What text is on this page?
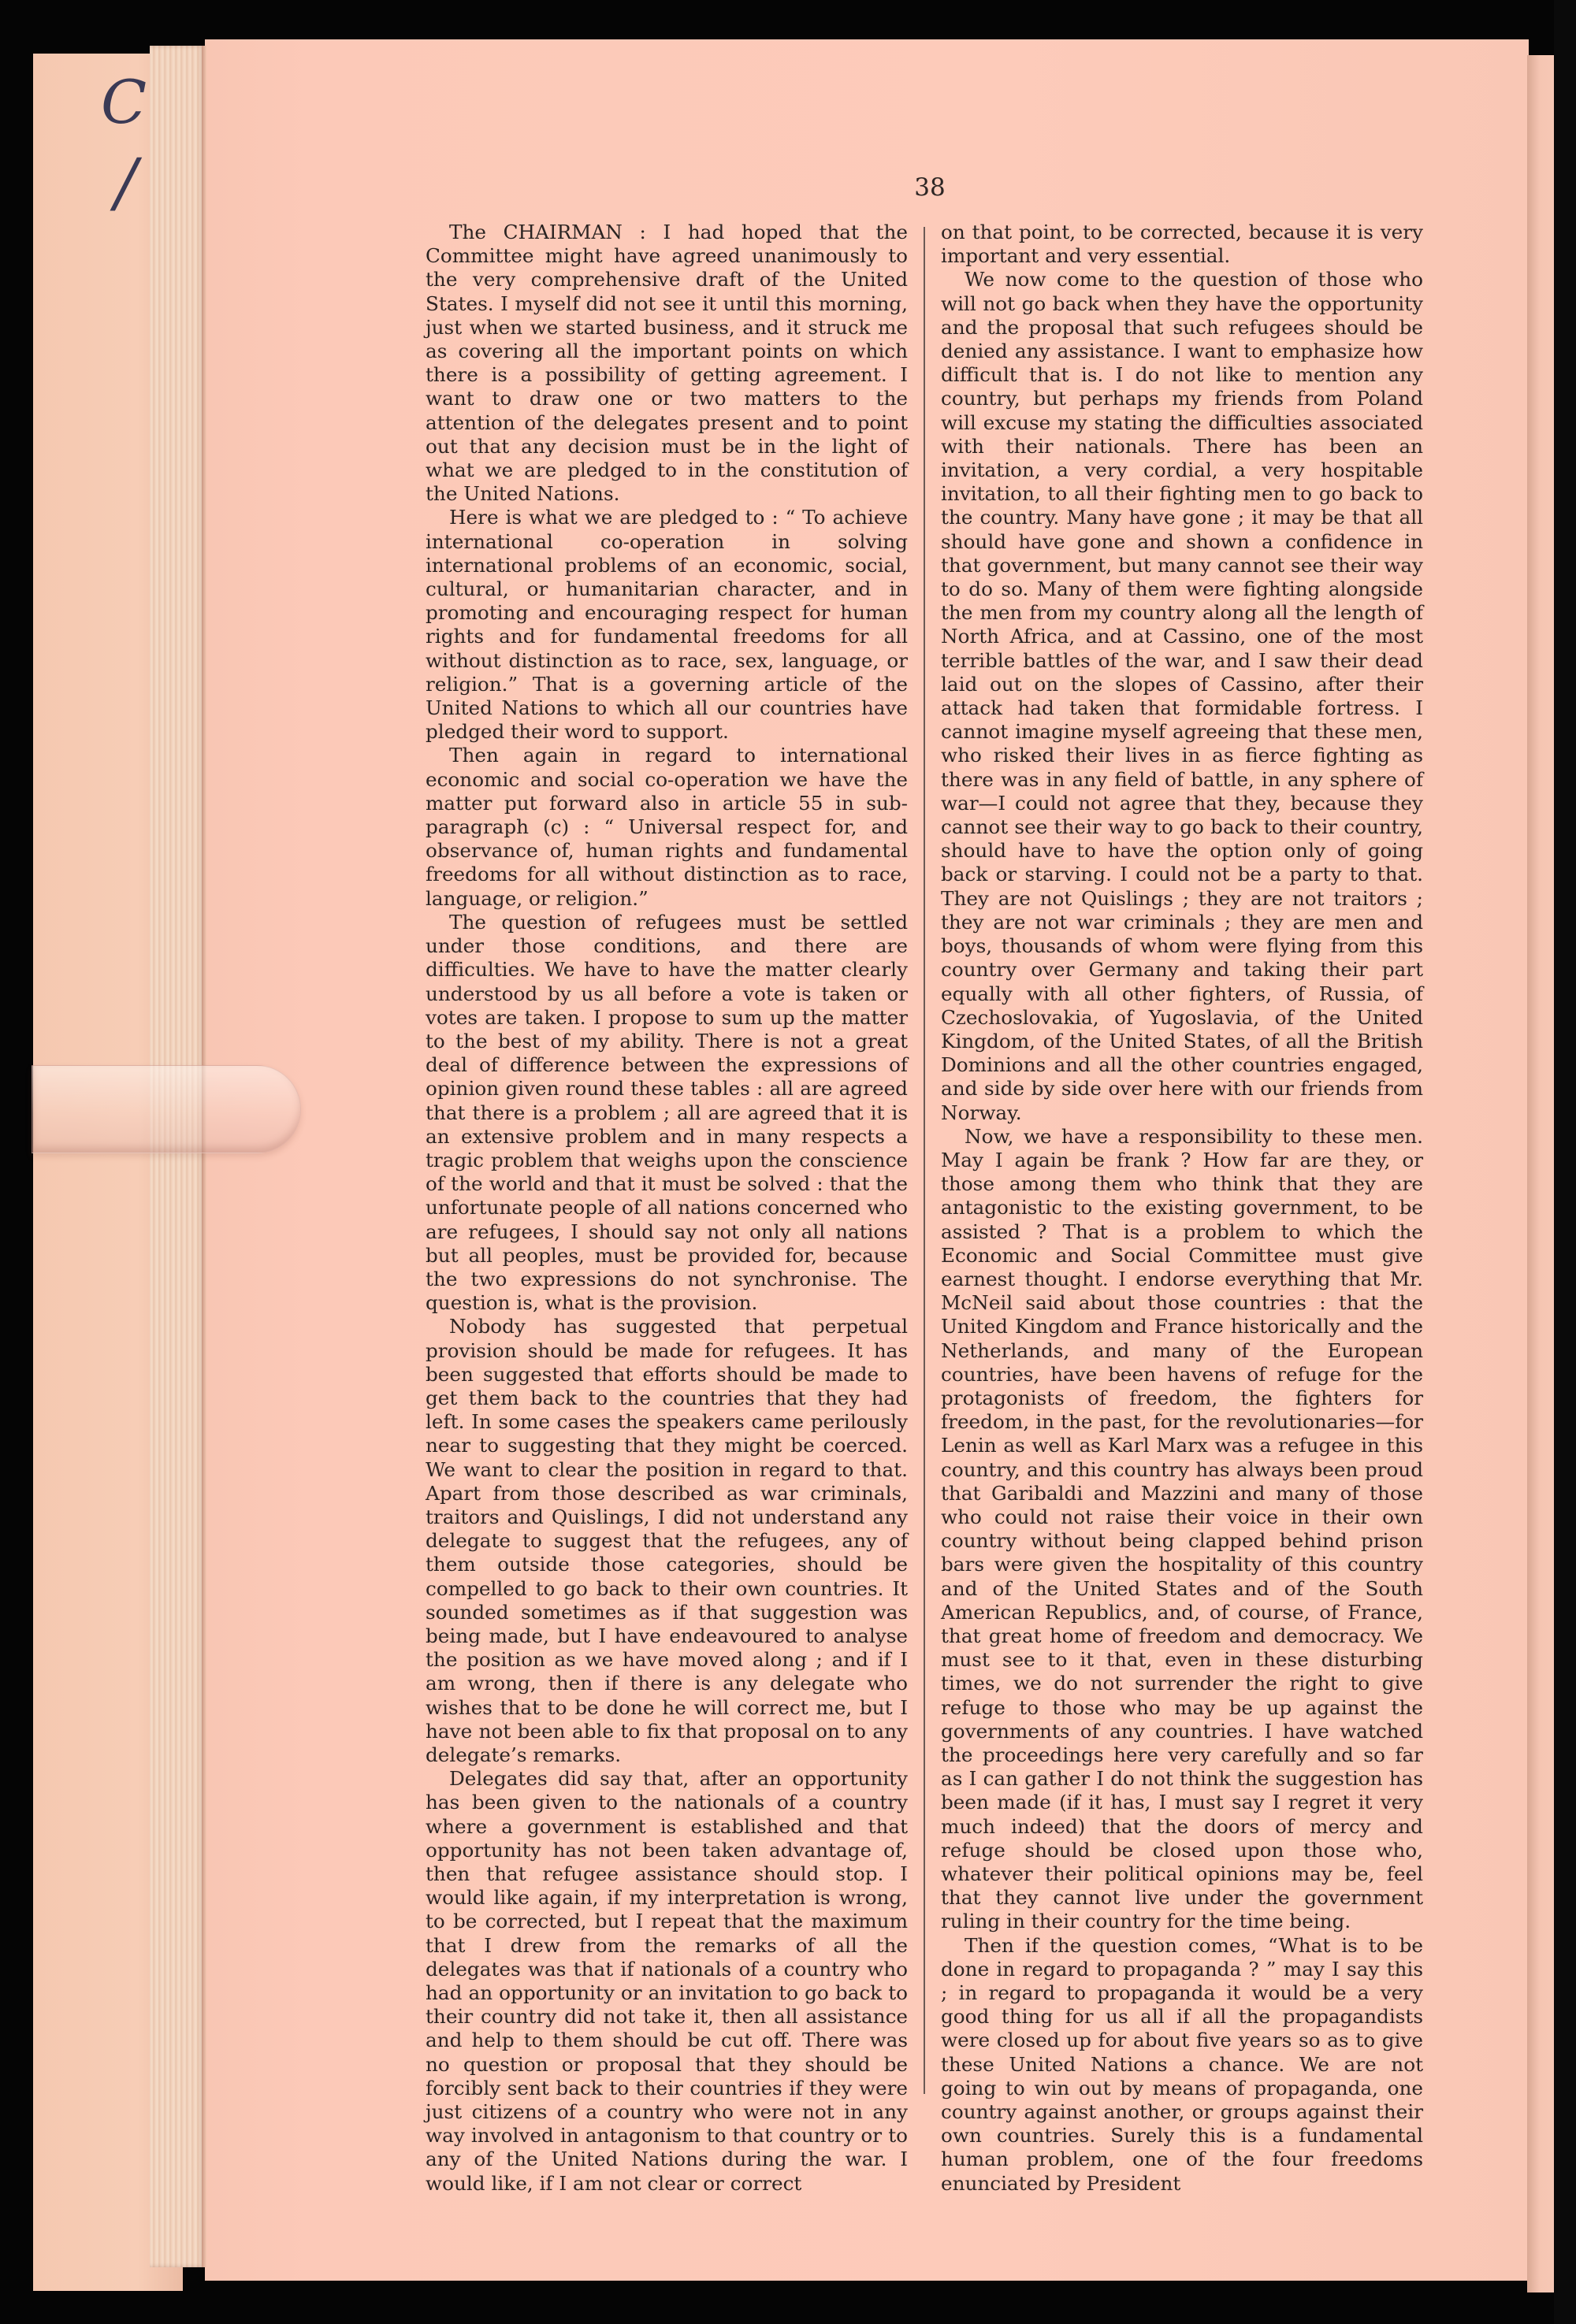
C
/	38

The CHAIRMAN : I had hoped that the Committee might have agreed unanimously to the very comprehensive draft of the United States. I myself did not see it until this morning, just when we started business, and it struck me as covering all the important points on which there is a possibility of getting agreement. I want to draw one or two matters to the attention of the delegates present and to point out that any decision must be in the light of what we are pledged to in the constitution of the United Nations.

Here is what we are pledged to : “ To achieve international co-operation in solving international problems of an economic, social, cultural, or humanitarian character, and in promoting and encouraging respect for human rights and for fundamental freedoms for all without distinction as to race, sex, language, or religion.” That is a governing article of the United Nations to which all our countries have pledged their word to support.

Then again in regard to international economic and social co-operation we have the matter put forward also in article 55 in sub-paragraph (c) : “ Universal respect for, and observance of, human rights and fundamental freedoms for all without distinction as to race, language, or religion.”

The question of refugees must be settled under those conditions, and there are difficulties. We have to have the matter clearly understood by us all before a vote is taken or votes are taken. I propose to sum up the matter to the best of my ability. There is not a great deal of difference between the expressions of opinion given round these tables : all are agreed that there is a problem ; all are agreed that it is an extensive problem and in many respects a tragic problem that weighs upon the conscience of the world and that it must be solved : that the unfortunate people of all nations concerned who are refugees, I should say not only all nations but all peoples, must be provided for, because the two expressions do not synchronise. The question is, what is the provision.

Nobody has suggested that perpetual provision should be made for refugees. It has been suggested that efforts should be made to get them back to the countries that they had left. In some cases the speakers came perilously near to suggesting that they might be coerced. We want to clear the position in regard to that. Apart from those described as war criminals, traitors and Quislings, I did not understand any delegate to suggest that the refugees, any of them outside those categories, should be compelled to go back to their own countries. It sounded sometimes as if that suggestion was being made, but I have endeavoured to analyse the position as we have moved along ; and if I am wrong, then if there is any delegate who wishes that to be done he will correct me, but I have not been able to fix that proposal on to any delegate’s remarks.

Delegates did say that, after an opportunity has been given to the nationals of a country where a government is established and that opportunity has not been taken advantage of, then that refugee assistance should stop. I would like again, if my interpretation is wrong, to be corrected, but I repeat that the maximum that I drew from the remarks of all the delegates was that if nationals of a country who had an opportunity or an invitation to go back to their country did not take it, then all assistance and help to them should be cut off. There was no question or proposal that they should be forcibly sent back to their countries if they were just citizens of a country who were not in any way involved in antagonism to that country or to any of the United Nations during the war. I would like, if I am not clear or correct

on that point, to be corrected, because it is very important and very essential.

We now come to the question of those who will not go back when they have the opportunity and the proposal that such refugees should be denied any assistance. I want to emphasize how difficult that is. I do not like to mention any country, but perhaps my friends from Poland will excuse my stating the difficulties associated with their nationals. There has been an invitation, a very cordial, a very hospitable invitation, to all their fighting men to go back to the country. Many have gone ; it may be that all should have gone and shown a confidence in that government, but many cannot see their way to do so. Many of them were fighting alongside the men from my country along all the length of North Africa, and at Cassino, one of the most terrible battles of the war, and I saw their dead laid out on the slopes of Cassino, after their attack had taken that formidable fortress. I cannot imagine myself agreeing that these men, who risked their lives in as fierce fighting as there was in any field of battle, in any sphere of war—I could not agree that they, because they cannot see their way to go back to their country, should have to have the option only of going back or starving. I could not be a party to that. They are not Quislings ; they are not traitors ; they are not war criminals ; they are men and boys, thousands of whom were flying from this country over Germany and taking their part equally with all other fighters, of Russia, of Czechoslovakia, of Yugoslavia, of the United Kingdom, of the United States, of all the British Dominions and all the other countries engaged, and side by side over here with our friends from Norway.

Now, we have a responsibility to these men. May I again be frank ? How far are they, or those among them who think that they are antagonistic to the existing government, to be assisted ? That is a problem to which the Economic and Social Committee must give earnest thought. I endorse everything that Mr. McNeil said about those countries : that the United Kingdom and France historically and the Netherlands, and many of the European countries, have been havens of refuge for the protagonists of freedom, the fighters for freedom, in the past, for the revolutionaries—for Lenin as well as Karl Marx was a refugee in this country, and this country has always been proud that Garibaldi and Mazzini and many of those who could not raise their voice in their own country without being clapped behind prison bars were given the hospitality of this country and of the United States and of the South American Republics, and, of course, of France, that great home of freedom and democracy. We must see to it that, even in these disturbing times, we do not surrender the right to give refuge to those who may be up against the governments of any countries. I have watched the proceedings here very carefully and so far as I can gather I do not think the suggestion has been made (if it has, I must say I regret it very much indeed) that the doors of mercy and refuge should be closed upon those who, whatever their political opinions may be, feel that they cannot live under the government ruling in their country for the time being.

Then if the question comes, “What is to be done in regard to propaganda ? ” may I say this ; in regard to propaganda it would be a very good thing for us all if all the propagandists were closed up for about five years so as to give these United Nations a chance. We are not going to win out by means of propaganda, one country against another, or groups against their own countries. Surely this is a fundamental human problem, one of the four freedoms enunciated by President
